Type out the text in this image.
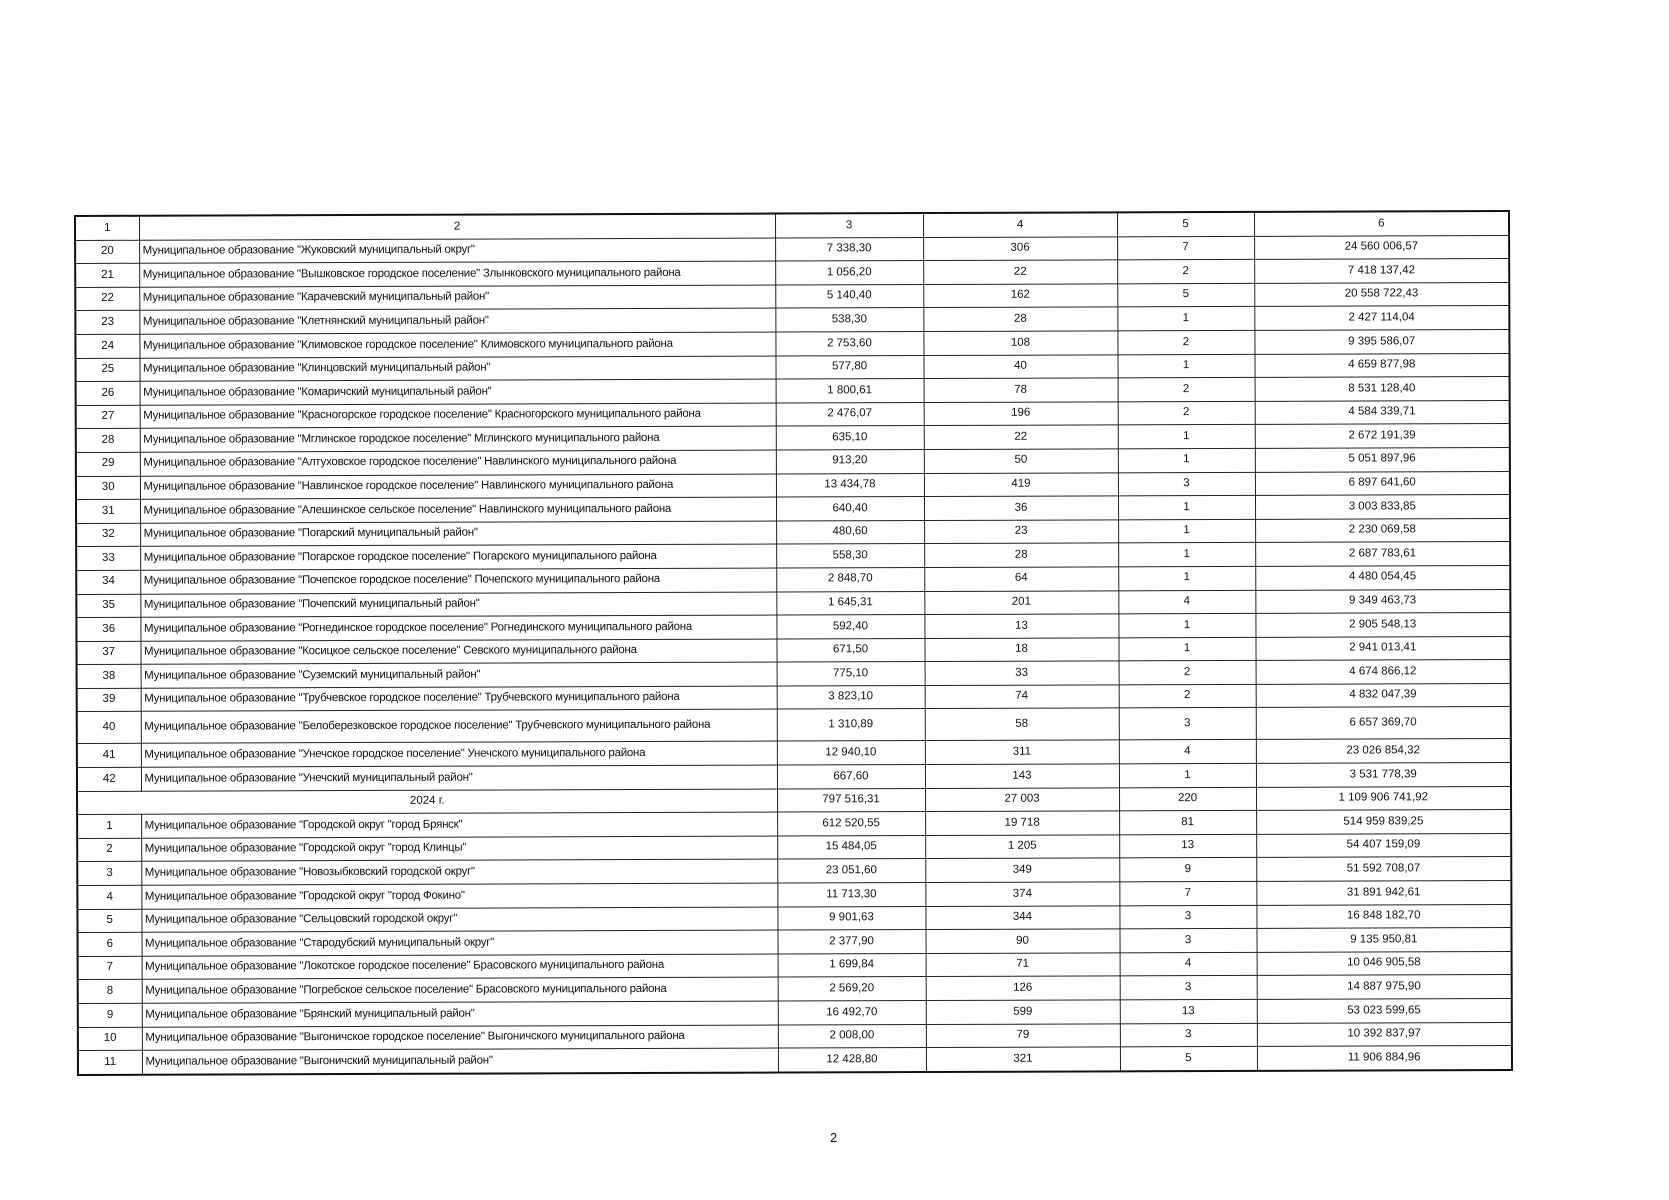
1	2	3	4	5	6
20	Муниципальное образование "Жуковский муниципальный округ"	7 338,30	306	7	24 560 006,57
21	Муниципальное образование "Вышковское городское поселение" Злынковского муниципального района	1 056,20	22	2	7 418 137,42
22	Муниципальное образование "Карачевский муниципальный район"	5 140,40	162	5	20 558 722,43
23	Муниципальное образование "Клетнянский муниципальный район"	538,30	28	1	2 427 114,04
24	Муниципальное образование "Климовское городское поселение" Климовского муниципального района	2 753,60	108	2	9 395 586,07
25	Муниципальное образование "Клинцовский муниципальный район"	577,80	40	1	4 659 877,98
26	Муниципальное образование "Комаричский муниципальный район"	1 800,61	78	2	8 531 128,40
27	Муниципальное образование "Красногорское городское поселение" Красногорского муниципального района	2 476,07	196	2	4 584 339,71
28	Муниципальное образование "Мглинское городское поселение" Мглинского муниципального района	635,10	22	1	2 672 191,39
29	Муниципальное образование "Алтуховское городское поселение" Навлинского муниципального района	913,20	50	1	5 051 897,96
30	Муниципальное образование "Навлинское городское поселение" Навлинского муниципального района	13 434,78	419	3	6 897 641,60
31	Муниципальное образование "Алешинское сельское поселение" Навлинского муниципального района	640,40	36	1	3 003 833,85
32	Муниципальное образование "Погарский муниципальный район"	480,60	23	1	2 230 069,58
33	Муниципальное образование "Погарское городское поселение" Погарского муниципального района	558,30	28	1	2 687 783,61
34	Муниципальное образование "Почепское городское поселение" Почепского муниципального района	2 848,70	64	1	4 480 054,45
35	Муниципальное образование "Почепский муниципальный район"	1 645,31	201	4	9 349 463,73
36	Муниципальное образование "Рогнединское городское поселение" Рогнединского муниципального района	592,40	13	1	2 905 548,13
37	Муниципальное образование "Косицкое сельское поселение" Севского муниципального района	671,50	18	1	2 941 013,41
38	Муниципальное образование "Суземский муниципальный район"	775,10	33	2	4 674 866,12
39	Муниципальное образование "Трубчевское городское поселение" Трубчевского муниципального района	3 823,10	74	2	4 832 047,39
40	Муниципальное образование "Белоберезковское городское поселение" Трубчевского муниципального района	1 310,89	58	3	6 657 369,70
41	Муниципальное образование "Унечское городское поселение" Унечского муниципального района	12 940,10	311	4	23 026 854,32
42	Муниципальное образование "Унечский муниципальный район"	667,60	143	1	3 531 778,39
2024 г.		797 516,31	27 003	220	1 109 906 741,92
1	Муниципальное образование "Городской округ "город Брянск"	612 520,55	19 718	81	514 959 839,25
2	Муниципальное образование "Городской округ "город Клинцы"	15 484,05	1 205	13	54 407 159,09
3	Муниципальное образование "Новозыбковский городской округ"	23 051,60	349	9	51 592 708,07
4	Муниципальное образование "Городской округ "город Фокино"	11 713,30	374	7	31 891 942,61
5	Муниципальное образование "Сельцовский городской округ"	9 901,63	344	3	16 848 182,70
6	Муниципальное образование "Стародубский муниципальный округ"	2 377,90	90	3	9 135 950,81
7	Муниципальное образование "Локотское городское поселение" Брасовского муниципального района	1 699,84	71	4	10 046 905,58
8	Муниципальное образование "Погребское сельское поселение" Брасовского муниципального района	2 569,20	126	3	14 887 975,90
9	Муниципальное образование "Брянский муниципальный район"	16 492,70	599	13	53 023 599,65
10	Муниципальное образование "Выгоничское городское поселение" Выгоничского муниципального района	2 008,00	79	3	10 392 837,97
11	Муниципальное образование "Выгоничский муниципальный район"	12 428,80	321	5	11 906 884,96
2
